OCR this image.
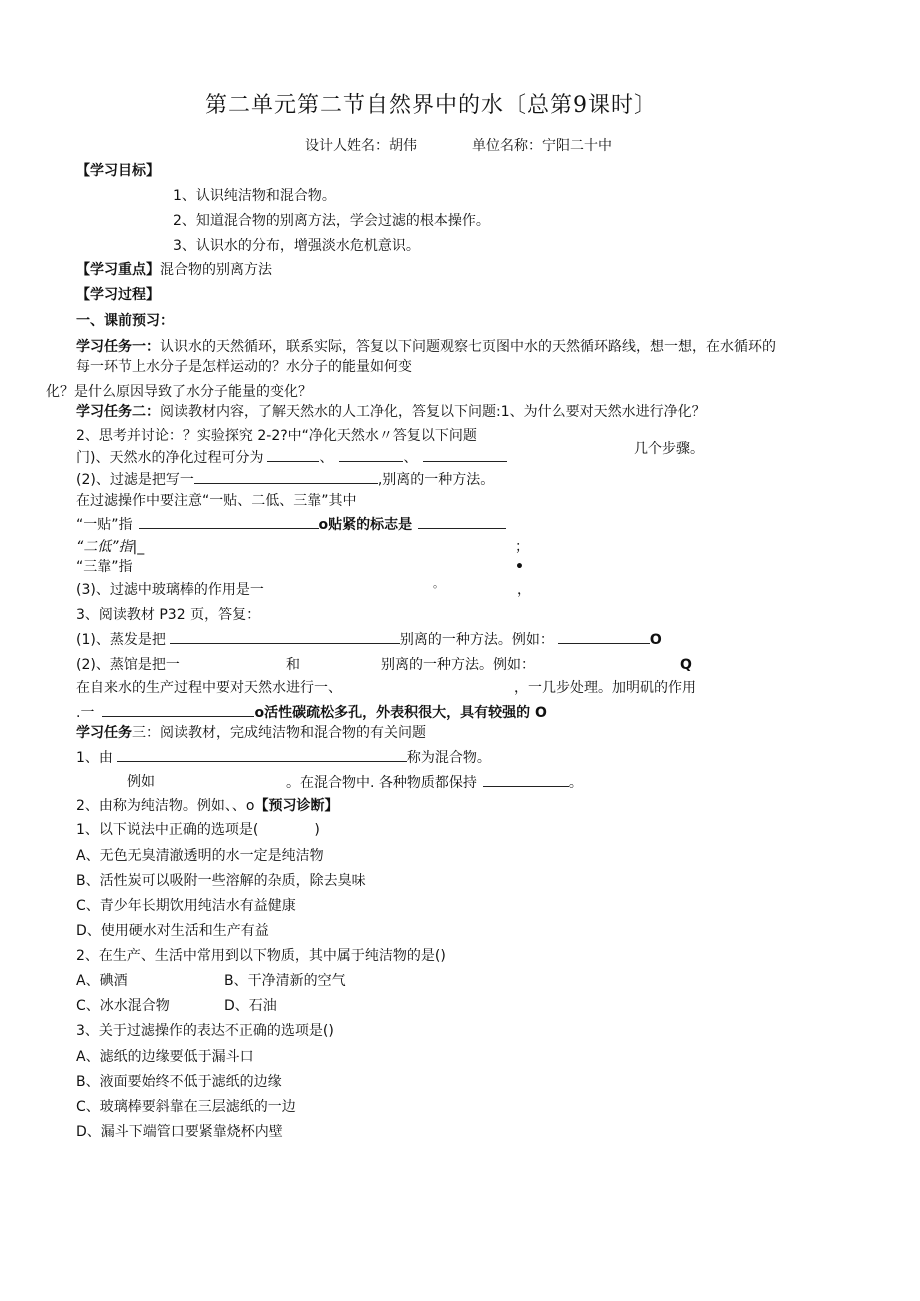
第二单元第二节自然界中的水〔总第9课时〕
设计人姓名：胡伟	单位名称：宁阳二十中
【学习目标】
1、认识纯洁物和混合物。
2、知道混合物的别离方法，学会过滤的根本操作。
3、认识水的分布，增强淡水危机意识。
【学习重点】混合物的别离方法
【学习过程】
一、课前预习：
学习任务一：认识水的天然循环，联系实际，答复以下问题观察七页图中水的天然循环路线，想一想，在水循环的
每一环节上水分子是怎样运动的？水分子的能量如何变
化？是什么原因导致了水分子能量的变化？
学习任务二：阅读教材内容，了解天然水的人工净化，答复以下问题:1、为什么要对天然水进行净化？
2、思考并讨论：？实验探究 2-2?中“净化天然水〃答复以下问题
几个步骤。
门)、天然水的净化过程可分为	、	、
(2)、过滤是把写一	,别离的一种方法。
在过滤操作中要注意“一贴、二低、三靠”其中
“一贴”指	o贴紧的标志是
“二低”指|_	；
“三靠”指	•
(3)、过滤中玻璃棒的作用是一	。	，
3、阅读教材 P32 页，答复：
(1)、蒸发是把	别离的一种方法。例如：	O
(2)、蒸馆是把一	和	别离的一种方法。例如：	Q
在自来水的生产过程中要对天然水进行一、	，一几步处理。加明矶的作用
.一	o活性碳疏松多孔，外表积很大，具有较强的 O
学习任务三：阅读教材，完成纯洁物和混合物的有关问题
1、由	称为混合物。
例如	。在混合物中. 各种物质都保持	。
2、由称为纯洁物。例如、、o【预习诊断】
1、以下说法中正确的选项是(　　　　)
A、无色无臭清澈透明的水一定是纯洁物
B、活性炭可以吸附一些溶解的杂质，除去臭味
C、青少年长期饮用纯洁水有益健康
D、使用硬水对生活和生产有益
2、在生产、生活中常用到以下物质，其中属于纯洁物的是()
A、碘酒	B、干净清新的空气
C、冰水混合物	D、石油
3、关于过滤操作的表达不正确的选项是()
A、滤纸的边缘要低于漏斗口
B、液面要始终不低于滤纸的边缘
C、玻璃棒要斜靠在三层滤纸的一边
D、漏斗下端管口要紧靠烧杯内壁
